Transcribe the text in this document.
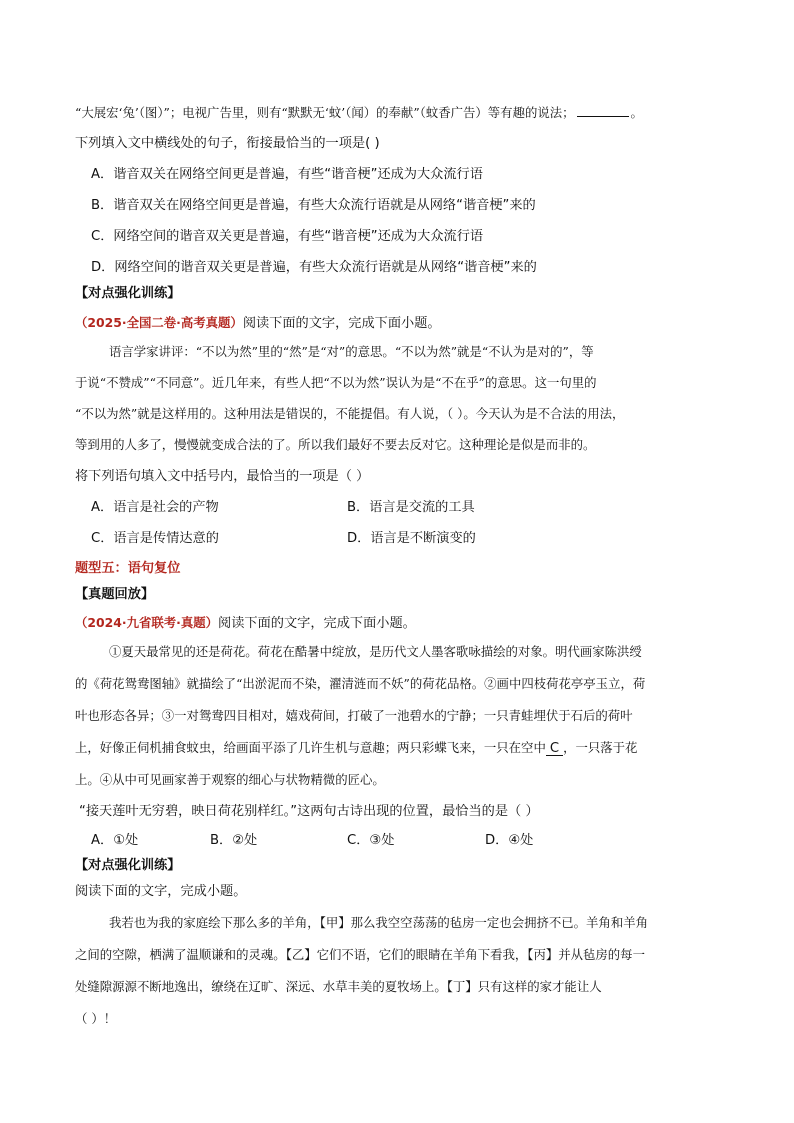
“大展宏‘兔’（图）”；电视广告里，则有“默默无‘蚊’（闻）的奉献”（蚊香广告）等有趣的说法；	。
下列填入文中横线处的句子，衔接最恰当的一项是( )
A．谐音双关在网络空间更是普遍，有些“谐音梗”还成为大众流行语
B．谐音双关在网络空间更是普遍，有些大众流行语就是从网络“谐音梗”来的
C．网络空间的谐音双关更是普遍，有些“谐音梗”还成为大众流行语
D．网络空间的谐音双关更是普遍，有些大众流行语就是从网络“谐音梗”来的
【对点强化训练】
（2025·全国二卷·高考真题）阅读下面的文字，完成下面小题。
语言学家讲评：“不以为然”里的“然”是“对”的意思。“不以为然”就是“不认为是对的”，等
于说“不赞成”“不同意”。近几年来，有些人把“不以为然”误认为是“不在乎”的意思。这一句里的
“不以为然”就是这样用的。这种用法是错误的，不能提倡。有人说，（ ）。今天认为是不合法的用法，
等到用的人多了，慢慢就变成合法的了。所以我们最好不要去反对它。这种理论是似是而非的。
将下列语句填入文中括号内，最恰当的一项是（ ）
A．语言是社会的产物	B．语言是交流的工具
C．语言是传情达意的	D．语言是不断演变的
题型五：语句复位
【真题回放】
（2024·九省联考·真题）阅读下面的文字，完成下面小题。
①夏天最常见的还是荷花。荷花在酷暑中绽放，是历代文人墨客歌咏描绘的对象。明代画家陈洪绶
的《荷花鸳鸯图轴》就描绘了“出淤泥而不染，濯清涟而不妖”的荷花品格。②画中四枝荷花亭亭玉立，荷
叶也形态各异；③一对鸳鸯四目相对，嬉戏荷间，打破了一池碧水的宁静；一只青蛙埋伏于石后的荷叶
上，好像正伺机捕食蚊虫，给画面平添了几许生机与意趣；两只彩蝶飞来，一只在空中 C ，一只落于花
上。④从中可见画家善于观察的细心与状物精微的匠心。
“接天莲叶无穷碧，映日荷花别样红。”这两句古诗出现的位置，最恰当的是（ ）
A．①处	B．②处	C．③处	D．④处
【对点强化训练】
阅读下面的文字，完成小题。
我若也为我的家庭绘下那么多的羊角，【甲】那么我空空荡荡的毡房一定也会拥挤不已。羊角和羊角
之间的空隙，栖满了温顺谦和的灵魂。【乙】它们不语，它们的眼睛在羊角下看我，【丙】并从毡房的每一
处缝隙源源不断地逸出，缭绕在辽旷、深远、水草丰美的夏牧场上。【丁】只有这样的家才能让人
（ ）！
